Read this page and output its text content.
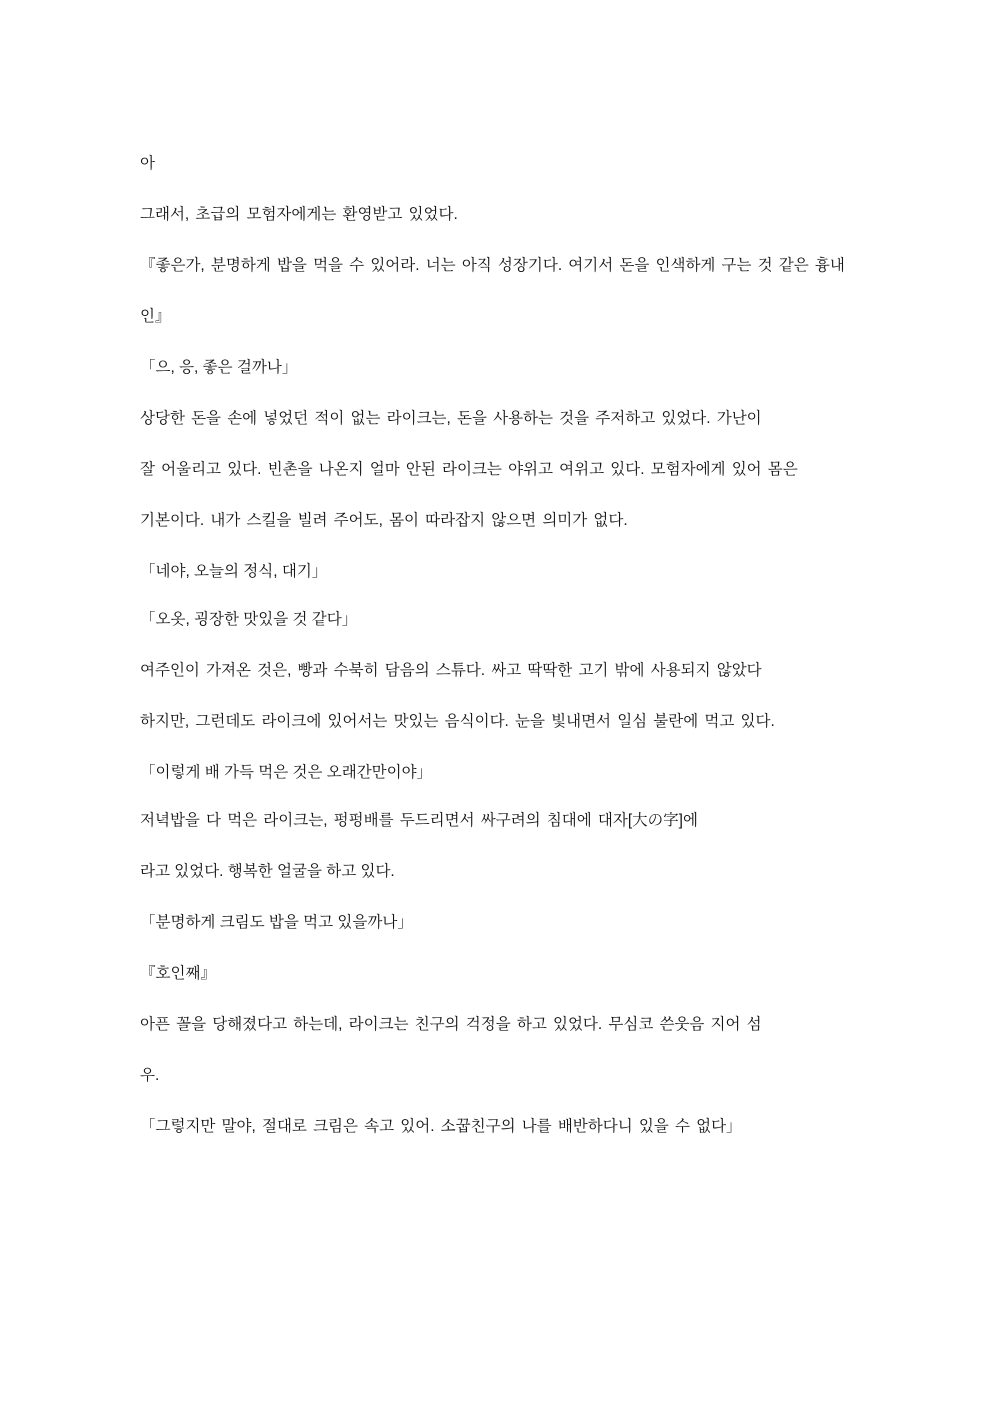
아

그래서, 초급의 모험자에게는 환영받고 있었다.

『좋은가, 분명하게 밥을 먹을 수 있어라. 너는 아직 성장기다. 여기서 돈을 인색하게 구는 것 같은 흉내

인』

「으, 응, 좋은 걸까나」

상당한 돈을 손에 넣었던 적이 없는 라이크는, 돈을 사용하는 것을 주저하고 있었다. 가난이

잘 어울리고 있다. 빈촌을 나온지 얼마 안된 라이크는 야위고 여위고 있다. 모험자에게 있어 몸은

기본이다. 내가 스킬을 빌려 주어도, 몸이 따라잡지 않으면 의미가 없다.

「네야, 오늘의 정식, 대기」

「오옷, 굉장한 맛있을 것 같다」

여주인이 가져온 것은, 빵과 수북히 담음의 스튜다. 싸고 딱딱한 고기 밖에 사용되지 않았다

하지만, 그런데도 라이크에 있어서는 맛있는 음식이다. 눈을 빛내면서 일심 불란에 먹고 있다.

「이렇게 배 가득 먹은 것은 오래간만이야」

저녁밥을 다 먹은 라이크는, 펑펑배를 두드리면서 싸구려의 침대에 대자[大の字]에

라고 있었다. 행복한 얼굴을 하고 있다.

「분명하게 크림도 밥을 먹고 있을까나」

『호인째』

아픈 꼴을 당해졌다고 하는데, 라이크는 친구의 걱정을 하고 있었다. 무심코 쓴웃음 지어 섬

우.

「그렇지만 말야, 절대로 크림은 속고 있어. 소꿉친구의 나를 배반하다니 있을 수 없다」
